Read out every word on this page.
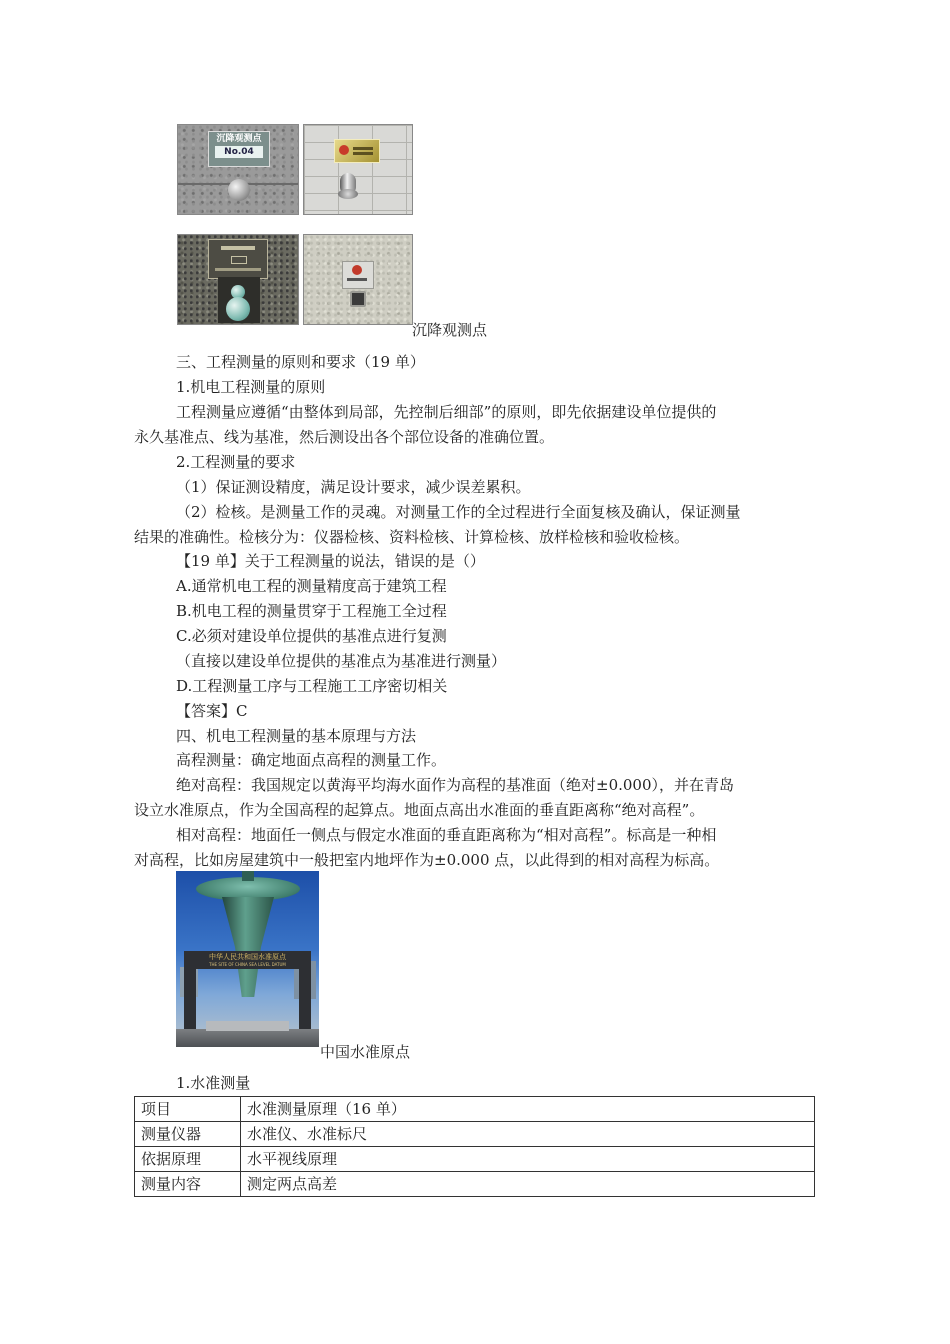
沉降观测点
No.04
沉降观测点
三、工程测量的原则和要求（19 单）
1.机电工程测量的原则
工程测量应遵循“由整体到局部，先控制后细部”的原则，即先依据建设单位提供的
永久基准点、线为基准，然后测设出各个部位设备的准确位置。
2.工程测量的要求
（1）保证测设精度，满足设计要求，减少误差累积。
（2）检核。是测量工作的灵魂。对测量工作的全过程进行全面复核及确认，保证测量
结果的准确性。检核分为：仪器检核、资料检核、计算检核、放样检核和验收检核。
【19 单】关于工程测量的说法，错误的是（）
A.通常机电工程的测量精度高于建筑工程
B.机电工程的测量贯穿于工程施工全过程
C.必须对建设单位提供的基准点进行复测
（直接以建设单位提供的基准点为基准进行测量）
D.工程测量工序与工程施工工序密切相关
【答案】C
四、机电工程测量的基本原理与方法
高程测量：确定地面点高程的测量工作。
绝对高程：我国规定以黄海平均海水面作为高程的基准面（绝对±0.000），并在青岛
设立水准原点，作为全国高程的起算点。地面点高出水准面的垂直距离称“绝对高程”。
相对高程：地面任一侧点与假定水准面的垂直距离称为“相对高程”。标高是一种相
对高程，比如房屋建筑中一般把室内地坪作为±0.000 点，以此得到的相对高程为标高。
中华人民共和国水准原点
THE SITE OF CHINA SEA LEVEL DATUM
中国水准原点
1.水准测量
项目	水准测量原理（16 单）
测量仪器	水准仪、水准标尺
依据原理	水平视线原理
测量内容	测定两点高差
